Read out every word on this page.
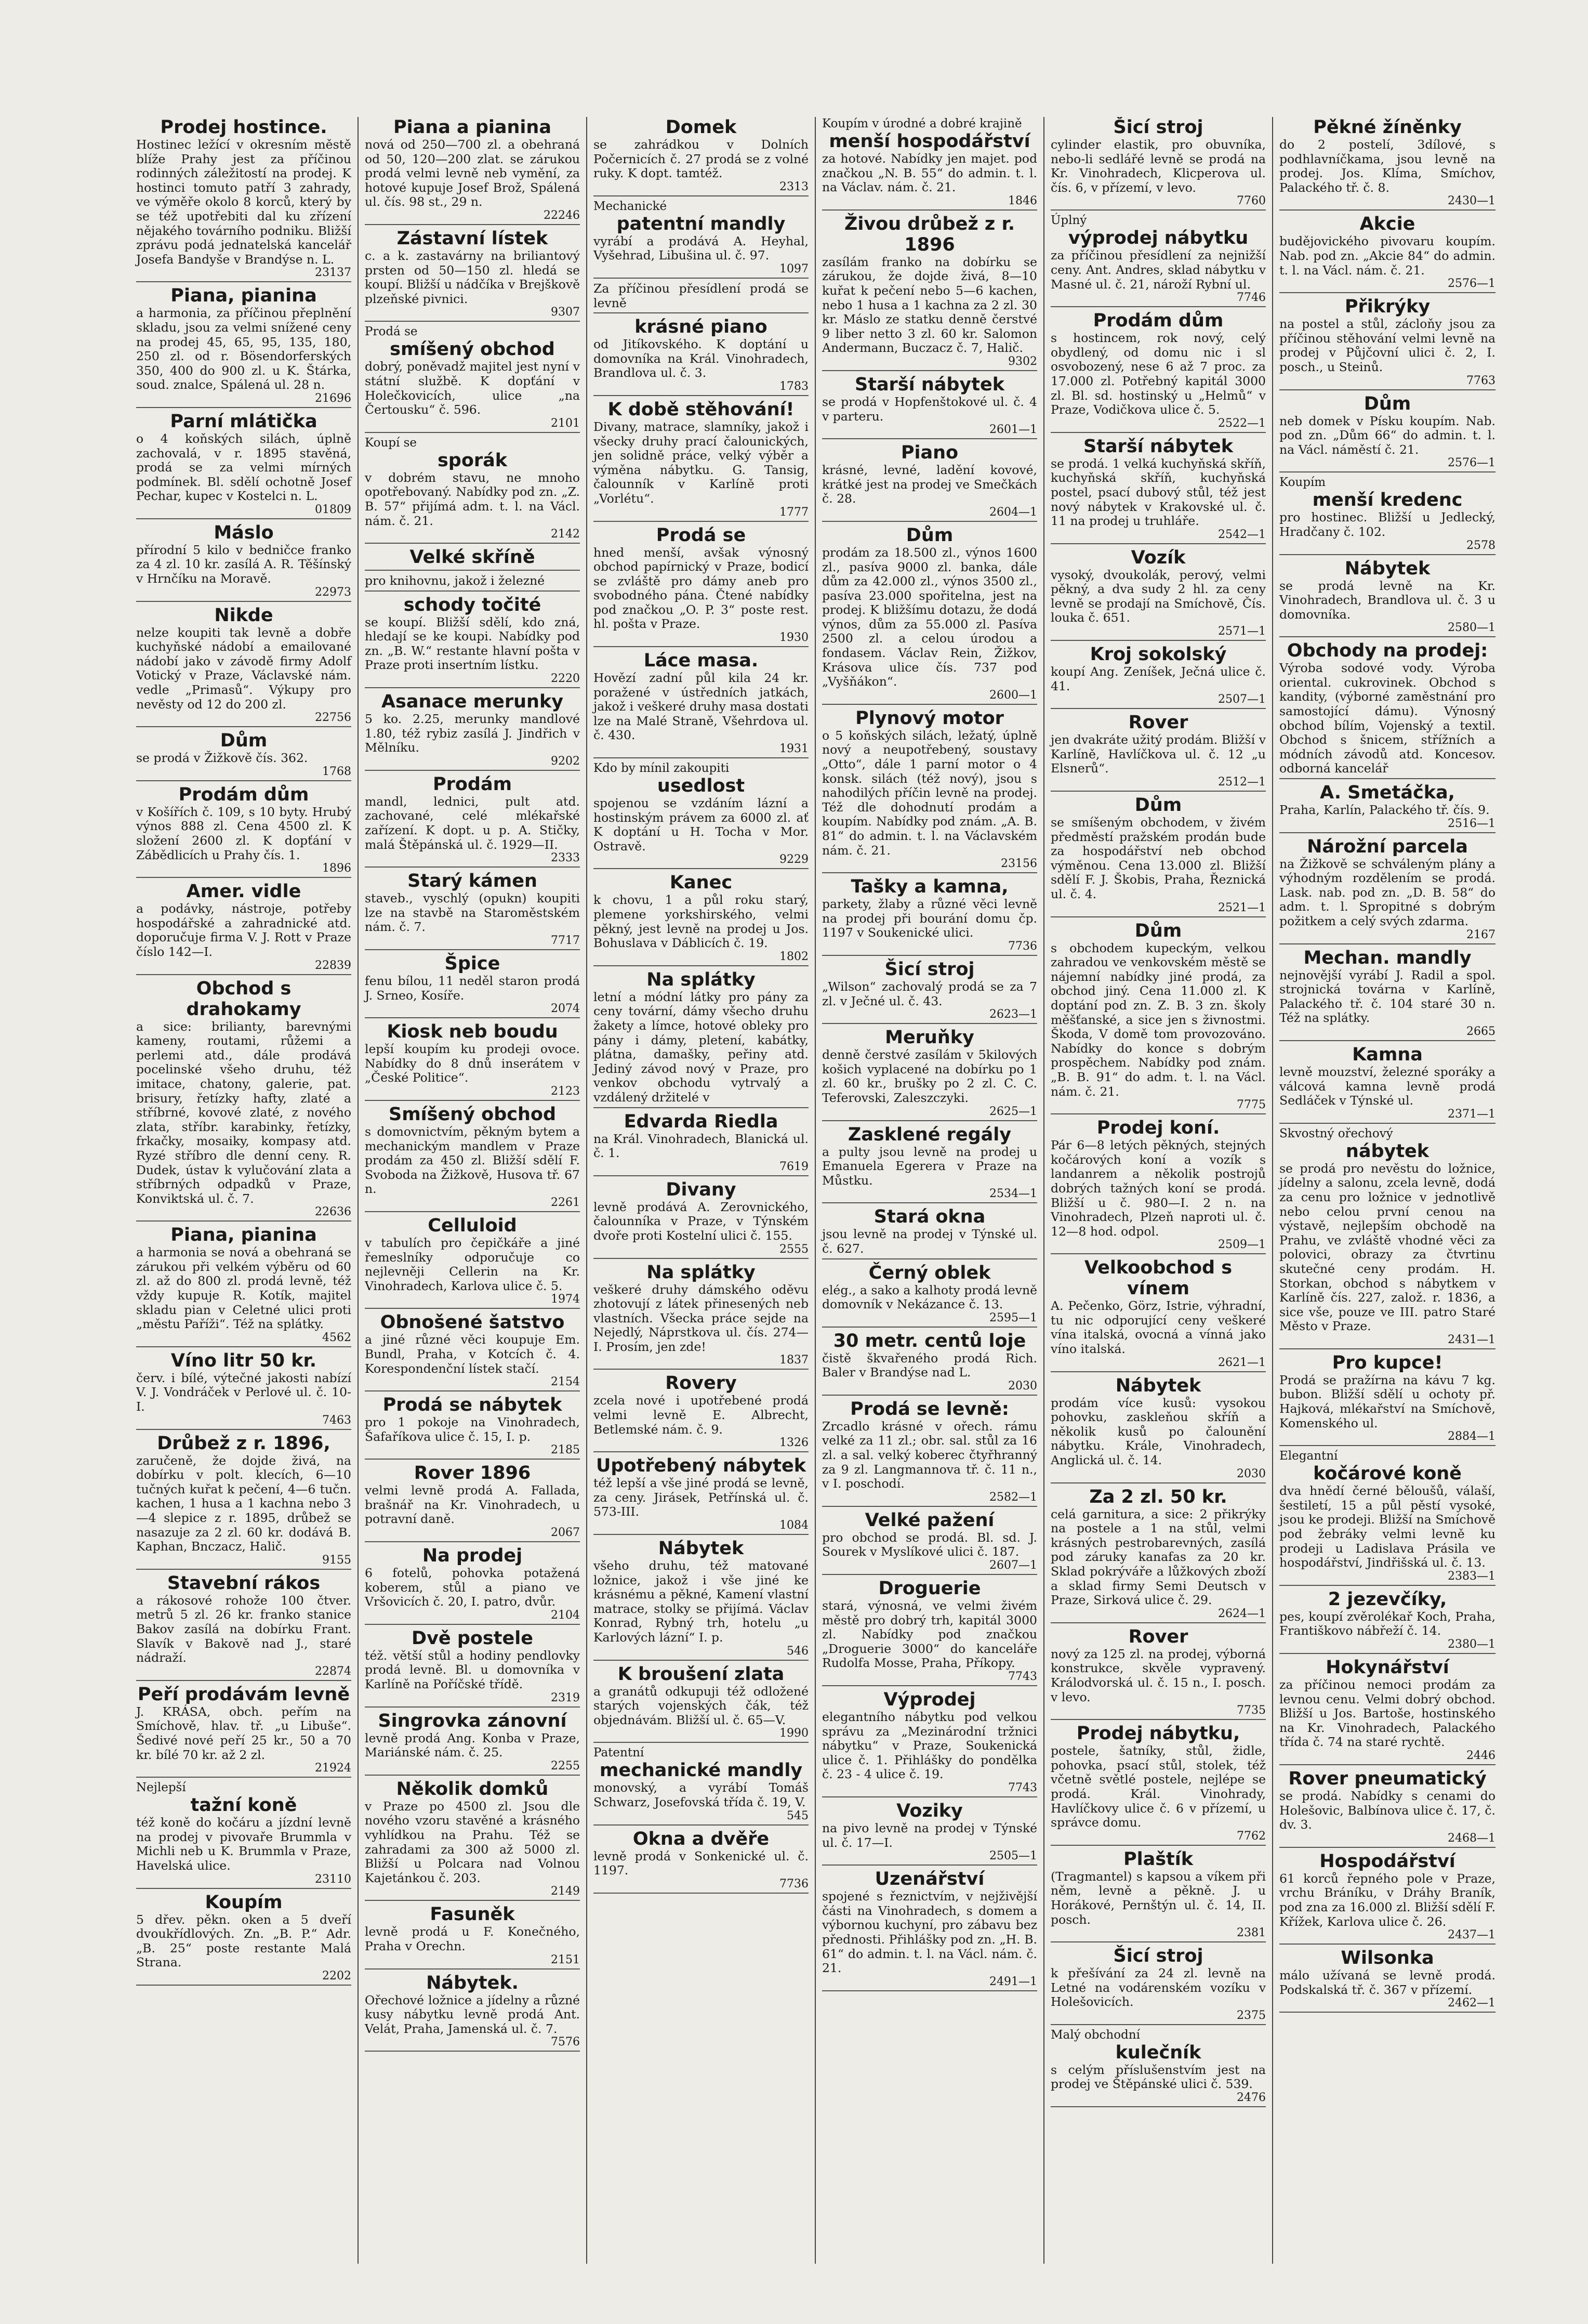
Prodej hostince.

Hostinec ležící v okresním městě blíže Prahy jest za příčinou rodinných záležitostí na prodej. K hostinci tomuto patří 3 zahrady, ve výměře okolo 8 korců, který by se též upotřebiti dal ku zřízení nějakého továrního podniku. Bližší zprávu podá jednatelská kancelář Josefa Bandyše v Brandýse n. L.

23137
Piana, pianina

a harmonia, za příčinou přeplnění skladu, jsou za velmi snížené ceny na prodej 45, 65, 95, 135, 180, 250 zl. od r. Bösendorferských 350, 400 do 900 zl. u K. Štárka, soud. znalce, Spálená ul. 28 n.

21696
Parní mlátička

o 4 koňských silách, úplně zachovalá, v r. 1895 stavěná, prodá se za velmi mírných podmínek. Bl. sdělí ochotně Josef Pechar, kupec v Kostelci n. L.

01809
Máslo

přírodní 5 kilo v bedničce franko za 4 zl. 10 kr. zasílá A. R. Těšínský v Hrnčíku na Moravě.

22973
Nikde

nelze koupiti tak levně a dobře kuchyňské nádobí a emailované nádobí jako v závodě firmy Adolf Votický v Praze, Václavské nám. vedle „Primasů“. Výkupy pro nevěsty od 12 do 200 zl.

22756
Dům

se prodá v Žižkově čís. 362.

1768
Prodám dům

v Košířích č. 109, s 10 byty. Hrubý výnos 888 zl. Cena 4500 zl. K složení 2600 zl. K dopťání v Zábědlicích u Prahy čís. 1.

1896
Amer. vidle

a podávky, nástroje, potřeby hospodářské a zahradnické atd. doporučuje firma V. J. Rott v Praze číslo 142—I.

22839
Obchod s drahokamy

a sice: brilianty, barevnými kameny, routami, růžemi a perlemi atd., dále prodává pocelinské všeho druhu, též imitace, chatony, galerie, pat. brisury, řetízky hafty, zlaté a stříbrné, kovové zlaté, z nového zlata, stříbr. karabinky, řetízky, frkačky, mosaiky, kompasy atd. Ryzé stříbro dle denní ceny. R. Dudek, ústav k vylučování zlata a stříbrných odpadků v Praze, Konviktská ul. č. 7.

22636
Piana, pianina

a harmonia se nová a obehraná se zárukou při velkém výběru od 60 zl. až do 800 zl. prodá levně, též vždy kupuje R. Kotík, majitel skladu pian v Celetné ulici proti „městu Paříži“. Též na splátky.

4562
Víno litr 50 kr.

červ. i bílé, výtečné jakosti nabízí V. J. Vondráček v Perlové ul. č. 10-I.

7463
Drůbež z r. 1896,

zaručeně, že dojde živá, na dobírku v polt. klecích, 6—10 tučných kuřat k pečení, 4—6 tučn. kachen, 1 husa a 1 kachna nebo 3—4 slepice z r. 1895, drůbež se nasazuje za 2 zl. 60 kr. dodává B. Kaphan, Bnczacz, Halič.

9155
Stavební rákos

a rákosové rohože 100 čtver. metrů 5 zl. 26 kr. franko stanice Bakov zasílá na dobírku Frant. Slavík v Bakově nad J., staré nádraží.

22874
Peří prodávám levně

J. KRÁSA, obch. peřím na Smíchově, hlav. tř. „u Libuše“. Šedivé nové peří 25 kr., 50 a 70 kr. bílé 70 kr. až 2 zl.

21924
Nejlepší
tažní koně

též koně do kočáru a jízdní levně na prodej v pivovaře Brummla v Michli neb u K. Brummla v Praze, Havelská ulice.

23110
Koupím

5 dřev. pěkn. oken a 5 dveří dvoukřídlových. Zn. „B. P.“ Adr. „B. 25“ poste restante Malá Strana.

2202
Piana a pianina

nová od 250—700 zl. a obehraná od 50, 120—200 zlat. se zárukou prodá velmi levně neb vymění, za hotové kupuje Josef Brož, Spálená ul. čís. 98 st., 29 n.

22246
Zástavní lístek

c. a k. zastavárny na briliantový prsten od 50—150 zl. hledá se koupí. Bližší u nádčíka v Brejškově plzeňské pivnici.

9307
Prodá se
smíšený obchod

dobrý, poněvadž majitel jest nyní v státní službě. K dopťání v Holečkovicích, ulice „na Čertousku“ č. 596.

2101
Koupí se
sporák

v dobrém stavu, ne mnoho opotřebovaný. Nabídky pod zn. „Z. B. 57“ přijímá adm. t. l. na Václ. nám. č. 21.

2142
Velké skříně

pro knihovnu, jakož i železné

schody točité

se koupí. Bližší sdělí, kdo zná, hledají se ke koupi. Nabídky pod zn. „B. W.“ restante hlavní pošta v Praze proti insertním lístku.

2220
Asanace merunky

5 ko. 2.25, merunky mandlové 1.80, též rybiz zasílá J. Jindřich v Mělníku.

9202
Prodám

mandl, lednici, pult atd. zachované, celé mlékařské zařízení. K dopt. u p. A. Stičky, malá Štěpánská ul. č. 1929—II.

2333
Starý kámen

staveb., vyschlý (opukn) koupiti lze na stavbě na Staroměstském nám. č. 7.

7717
Špice

fenu bílou, 11 neděl staron prodá J. Srneo, Kosíře.

2074
Kiosk neb boudu

lepší koupím ku prodeji ovoce. Nabídky do 8 dnů inserátem v „České Politice“.

2123
Smíšený obchod

s domovnictvím, pěkným bytem a mechanickým mandlem v Praze prodám za 450 zl. Bližší sdělí F. Svoboda na Žižkově, Husova tř. 67 n.

2261
Celluloid

v tabulích pro čepičkáře a jiné řemeslníky odporučuje co nejlevněji Cellerin na Kr. Vinohradech, Karlova ulice č. 5.

1974
Obnošené šatstvo

a jiné různé věci koupuje Em. Bundl, Praha, v Kotcích č. 4. Korespondenční lístek stačí.

2154
Prodá se nábytek

pro 1 pokoje na Vinohradech, Šafaříkova ulice č. 15, I. p.

2185
Rover 1896

velmi levně prodá A. Fallada, brašnář na Kr. Vinohradech, u potravní daně.

2067
Na prodej

6 fotelů, pohovka potažená koberem, stůl a piano ve Vršovicích č. 20, I. patro, dvůr.

2104
Dvě postele

též. větší stůl a hodiny pendlovky prodá levně. Bl. u domovníka v Karlíně na Poříčské třídě.

2319
Singrovka zánovní

levně prodá Ang. Konba v Praze, Mariánské nám. č. 25.

2255
Několik domků

v Praze po 4500 zl. Jsou dle nového vzoru stavěné a krásného vyhlídkou na Prahu. Též se zahradami za 300 až 5000 zl. Bližší u Polcara nad Volnou Kajetánkou č. 203.

2149
Fasuněk

levně prodá u F. Konečného, Praha v Orechn.

2151
Nábytek.

Ořechové ložnice a jídelny a různé kusy nábytku levně prodá Ant. Velát, Praha, Jamenská ul. č. 7.

7576
Domek

se zahrádkou v Dolních Počernicích č. 27 prodá se z volné ruky. K dopt. tamtéž.

2313
Mechanické
patentní mandly

vyrábí a prodává A. Heyhal, Vyšehrad, Libušina ul. č. 97.

1097

Za příčinou přesídlení prodá se levně

krásné piano

od Jitíkovského. K doptání u domovníka na Král. Vinohradech, Brandlova ul. č. 3.

1783
K době stěhování!

Divany, matrace, slamníky, jakož i všecky druhy prací čalounických, jen solidně práce, velký výběr a výměna nábytku. G. Tansig, čalounník v Karlíně proti „Vorlétu“.

1777
Prodá se

hned menší, avšak výnosný obchod papírnický v Praze, bodicí se zvláště pro dámy aneb pro svobodného pána. Čtené nabídky pod značkou „O. P. 3“ poste rest. hl. pošta v Praze.

1930
Láce masa.

Hovězí zadní půl kila 24 kr. poražené v ústředních jatkách, jakož i veškeré druhy masa dostati lze na Malé Straně, Všehrdova ul. č. 430.

1931
Kdo by mínil zakoupiti
usedlost

spojenou se vzdáním lázní a hostinským právem za 6000 zl. ať K doptání u H. Tocha v Mor. Ostravě.

9229
Kanec

k chovu, 1 a půl roku starý, plemene yorkshirského, velmi pěkný, jest levně na prodej u Jos. Bohuslava v Dáblicích č. 19.

1802
Na splátky

letní a módní látky pro pány za ceny tovární, dámy všecho druhu žakety a límce, hotové obleky pro pány i dámy, pletení, kabátky, plátna, damašky, peřiny atd. Jediný závod nový v Praze, pro venkov obchodu vytrvalý a vzdálený držitelé v

Edvarda Riedla

na Král. Vinohradech, Blanická ul. č. 1.

7619
Divany

levně prodává A. Zerovnického, čalounníka v Praze, v Týnském dvoře proti Kostelní ulici č. 155.

2555
Na splátky

veškeré druhy dámského oděvu zhotovují z látek přinesených neb vlastních. Všecka práce sejde na Nejedlý, Náprstkova ul. čís. 274—I. Prosím, jen zde!

1837
Rovery

zcela nové i upotřebené prodá velmi levně E. Albrecht, Betlemské nám. č. 9.

1326
Upotřebený nábytek

též lepší a vše jiné prodá se levně, za ceny. Jirásek, Petřínská ul. č. 573-III.

1084
Nábytek

všeho druhu, též matované ložnice, jakož i vše jiné ke krásnému a pěkné, Kamení vlastní matrace, stolky se přijímá. Václav Konrad, Rybný trh, hotelu „u Karlových lázní“ I. p.

546
K broušení zlata

a granátů odkupuji též odložené starých vojenských čák, též objednávám. Bližší ul. č. 65—V.

1990
Patentní
mechanické mandly

monovský, a vyrábí Tomáš Schwarz, Josefovská třída č. 19, V.

545
Okna a dvěře

levně prodá v Sonkenické ul. č. 1197.

7736
Koupím v úrodné a dobré krajině
menší hospodářství

za hotové. Nabídky jen majet. pod značkou „N. B. 55“ do admin. t. l. na Václav. nám. č. 21.

1846
Živou drůbež z r. 1896

zasílám franko na dobírku se zárukou, že dojde živá, 8—10 kuřat k pečení nebo 5—6 kachen, nebo 1 husa a 1 kachna za 2 zl. 30 kr. Máslo ze statku denně čerstvé 9 liber netto 3 zl. 60 kr. Salomon Andermann, Buczacz č. 7, Halič.

9302
Starší nábytek

se prodá v Hopfenštokové ul. č. 4 v parteru.

2601—1
Piano

krásné, levné, ladění kovové, krátké jest na prodej ve Smečkách č. 28.

2604—1
Dům

prodám za 18.500 zl., výnos 1600 zl., pasíva 9000 zl. banka, dále dům za 42.000 zl., výnos 3500 zl., pasíva 23.000 spořitelna, jest na prodej. K bližšímu dotazu, že dodá výnos, dům za 55.000 zl. Pasíva 2500 zl. a celou úrodou a fondasem. Václav Rein, Žižkov, Krásova ulice čís. 737 pod „Vyšňákon“.

2600—1
Plynový motor

o 5 koňských silách, ležatý, úplně nový a neupotřebený, soustavy „Otto“, dále 1 parní motor o 4 konsk. silách (též nový), jsou s nahodilých příčin levně na prodej. Též dle dohodnutí prodám a koupím. Nabídky pod znám. „A. B. 81“ do admin. t. l. na Václavském nám. č. 21.

23156
Tašky a kamna,

parkety, žlaby a různé věci levně na prodej při bourání domu čp. 1197 v Soukenické ulici.

7736
Šicí stroj

„Wilson“ zachovalý prodá se za 7 zl. v Ječné ul. č. 43.

2623—1
Meruňky

denně čerstvé zasílám v 5kilových košich vyplacené na dobírku po 1 zl. 60 kr., brušky po 2 zl. C. C. Teferovski, Zaleszczyki.

2625—1
Zasklené regály

a pulty jsou levně na prodej u Emanuela Egerera v Praze na Můstku.

2534—1
Stará okna

jsou levně na prodej v Týnské ul. č. 627.

Černý oblek

elég., a sako a kalhoty prodá levně domovník v Nekázance č. 13.

2595—1
30 metr. centů loje

čistě škvařeného prodá Rich. Baler v Brandýse nad L.

2030
Prodá se levně:

Zrcadlo krásné v ořech. rámu velké za 11 zl.; obr. sal. stůl za 16 zl. a sal. velký koberec čtyřhranný za 9 zl. Langmannova tř. č. 11 n., v I. poschodí.

2582—1
Velké pažení

pro obchod se prodá. Bl. sd. J. Sourek v Myslíkové ulici č. 187.

2607—1
Droguerie

stará, výnosná, ve velmi živém městě pro dobrý trh, kapitál 3000 zl. Nabídky pod značkou „Droguerie 3000“ do kanceláře Rudolfa Mosse, Praha, Příkopy.

7743
Výprodej

elegantního nábytku pod velkou správu za „Mezinárodní tržnici nábytku“ v Praze, Soukenická ulice č. 1. Přihlášky do pondělka č. 23 - 4 ulice č. 19.

7743
Voziky

na pivo levně na prodej v Týnské ul. č. 17—I.

2505—1
Uzenářství

spojené s řeznictvím, v nejživější části na Vinohradech, s domem a výbornou kuchyní, pro zábavu bez přednosti. Přihlášky pod zn. „H. B. 61“ do admin. t. l. na Václ. nám. č. 21.

2491—1
Šicí stroj

cylinder elastik, pro obuvníka, nebo-li sedlářé levně se prodá na Kr. Vinohradech, Klicperova ul. čís. 6, v přízemí, v levo.

7760
Úplný
výprodej nábytku

za příčinou přesídlení za nejnižší ceny. Ant. Andres, sklad nábytku v Masné ul. č. 21, nároží Rybní ul.

7746
Prodám dům

s hostincem, rok nový, celý obydlený, od domu nic i sl osvobozený, nese 6 až 7 proc. za 17.000 zl. Potřebný kapitál 3000 zl. Bl. sd. hostinský u „Helmů“ v Praze, Vodičkova ulice č. 5.

2522—1
Starší nábytek

se prodá. 1 velká kuchyňská skříň, kuchyňská skříň, kuchyňská postel, psací dubový stůl, též jest nový nábytek v Krakovské ul. č. 11 na prodej u truhláře.

2542—1
Vozík

vysoký, dvoukolák, perový, velmi pěkný, a dva sudy 2 hl. za ceny levně se prodají na Smíchově, Čís. louka č. 651.

2571—1
Kroj sokolský

koupí Ang. Zeníšek, Ječná ulice č. 41.

2507—1
Rover

jen dvakráte užitý prodám. Bližší v Karlíně, Havlíčkova ul. č. 12 „u Elsnerů“.

2512—1
Dům

se smíšeným obchodem, v živém předměstí pražském prodán bude za hospodářství neb obchod výměnou. Cena 13.000 zl. Bližší sdělí F. J. Škobis, Praha, Řeznická ul. č. 4.

2521—1
Dům

s obchodem kupeckým, velkou zahradou ve venkovském městě se nájemní nabídky jiné prodá, za obchod jiný. Cena 11.000 zl. K doptání pod zn. Z. B. 3 zn. školy měšťanské, a sice jen s živnostmi. Škoda, V domě tom provozováno. Nabídky do konce s dobrým prospěchem. Nabídky pod znám. „B. B. 91“ do adm. t. l. na Václ. nám. č. 21.

7775
Prodej koní.

Pár 6—8 letých pěkných, stejných kočárových koní a vozík s landanrem a několik postrojů dobrých tažných koní se prodá. Bližší u č. 980—I. 2 n. na Vinohradech, Plzeň naproti ul. č. 12—8 hod. odpol.

2509—1
Velkoobchod s vínem

A. Pečenko, Görz, Istrie, výhradní, tu nic odporující ceny veškeré vína italská, ovocná a vínná jako víno italská.

2621—1
Nábytek

prodám více kusů: vysokou pohovku, zaskleňou skříň a několik kusů po čalounění nábytku. Krále, Vinohradech, Anglická ul. č. 14.

2030
Za 2 zl. 50 kr.

celá garnitura, a sice: 2 přikrýky na postele a 1 na stůl, velmi krásných pestrobarevných, zasílá pod záruky kanafas za 20 kr. Sklad pokrýváře a lůžkových zboží a sklad firmy Semi Deutsch v Praze, Sirková ulice č. 29.

2624—1
Rover

nový za 125 zl. na prodej, výborná konstrukce, skvěle vypravený. Králodvorská ul. č. 15 n., I. posch. v levo.

7735
Prodej nábytku,

postele, šatníky, stůl, židle, pohovka, psací stůl, stolek, též včetně světlé postele, nejlépe se prodá. Král. Vinohrady, Havlíčkovy ulice č. 6 v přízemí, u správce domu.

7762
Plaštík

(Tragmantel) s kapsou a víkem při něm, levně a pěkně. J. u Horákové, Pernštýn ul. č. 14, II. posch.

2381
Šicí stroj

k přešívání za 24 zl. levně na Letné na vodárenském vozíku v Holešovicích.

2375
Malý obchodní
kulečník

s celým příslušenstvím jest na prodej ve Štěpánské ulici č. 539.

2476
Pěkné žíněnky

do 2 postelí, 3dílové, s podhlavníčkama, jsou levně na prodej. Jos. Klíma, Smíchov, Palackého tř. č. 8.

2430—1
Akcie

budějovického pivovaru koupím. Nab. pod zn. „Akcie 84“ do admin. t. l. na Václ. nám. č. 21.

2576—1
Přikrýky

na postel a stůl, zácloňy jsou za příčinou stěhování velmi levně na prodej v Půjčovní ulici č. 2, I. posch., u Steinů.

7763
Dům

neb domek v Písku koupím. Nab. pod zn. „Dům 66“ do admin. t. l. na Václ. náměstí č. 21.

2576—1
Koupím
menší kredenc

pro hostinec. Bližší u Jedlecký, Hradčany č. 102.

2578
Nábytek

se prodá levně na Kr. Vinohradech, Brandlova ul. č. 3 u domovníka.

2580—1
Obchody na prodej:

Výroba sodové vody. Výroba oriental. cukrovinek. Obchod s kandity, (výborné zaměstnání pro samostojící dámu). Výnosný obchod bílím, Vojenský a textil. Obchod s šnicem, střížních a módních závodů atd. Koncesov. odborná kancelář

A. Smetáčka,

Praha, Karlín, Palackého tř. čís. 9.

2516—1
Nárožní parcela

na Žižkově se schváleným plány a výhodným rozdělením se prodá. Lask. nab. pod zn. „D. B. 58“ do adm. t. l. Spropitné s dobrým požitkem a celý svých zdarma.

2167
Mechan. mandly

nejnovější vyrábí J. Radil a spol. strojnická továrna v Karlíně, Palackého tř. č. 104 staré 30 n. Též na splátky.

2665
Kamna

levně mouzství, železné sporáky a válcová kamna levně prodá Sedláček v Týnské ul.

2371—1
Skvostný ořechový
nábytek

se prodá pro nevěstu do ložnice, jídelny a salonu, zcela levně, dodá za cenu pro ložnice v jednotlivě nebo celou první cenou na výstavě, nejlepším obchodě na Prahu, ve zvláště vhodné věci za polovici, obrazy za čtvrtinu skutečné ceny prodám. H. Storkan, obchod s nábytkem v Karlíně čís. 227, založ. r. 1836, a sice vše, pouze ve III. patro Staré Město v Praze.

2431—1
Pro kupce!

Prodá se pražírna na kávu 7 kg. bubon. Bližší sdělí u ochoty př. Hajková, mlékařství na Smíchově, Komenského ul.

2884—1
Elegantní
kočárové koně

dva hnědí černé běloušů, válaší, šestiletí, 15 a půl pěstí vysoké, jsou ke prodeji. Bližší na Smíchově pod žebráky velmi levně ku prodeji u Ladislava Prásila ve hospodářství, Jindřišská ul. č. 13.

2383—1
2 jezevčíky,

pes, koupí zvěrolékař Koch, Praha, Františkovo nábřeží č. 14.

2380—1
Hokynářství

za příčinou nemoci prodám za levnou cenu. Velmi dobrý obchod. Bližší u Jos. Bartoše, hostinského na Kr. Vinohradech, Palackého třída č. 74 na staré rychtě.

2446
Rover pneumatický

se prodá. Nabídky s cenami do Holešovic, Balbínova ulice č. 17, č. dv. 3.

2468—1
Hospodářství

61 korců řepného pole v Praze, vrchu Bráníku, v Dráhy Braník, pod zna za 16.000 zl. Bližší sdělí F. Křížek, Karlova ulice č. 26.

2437—1
Wilsonka

málo užívaná se levně prodá. Podskalská tř. č. 367 v přízemí.

2462—1
